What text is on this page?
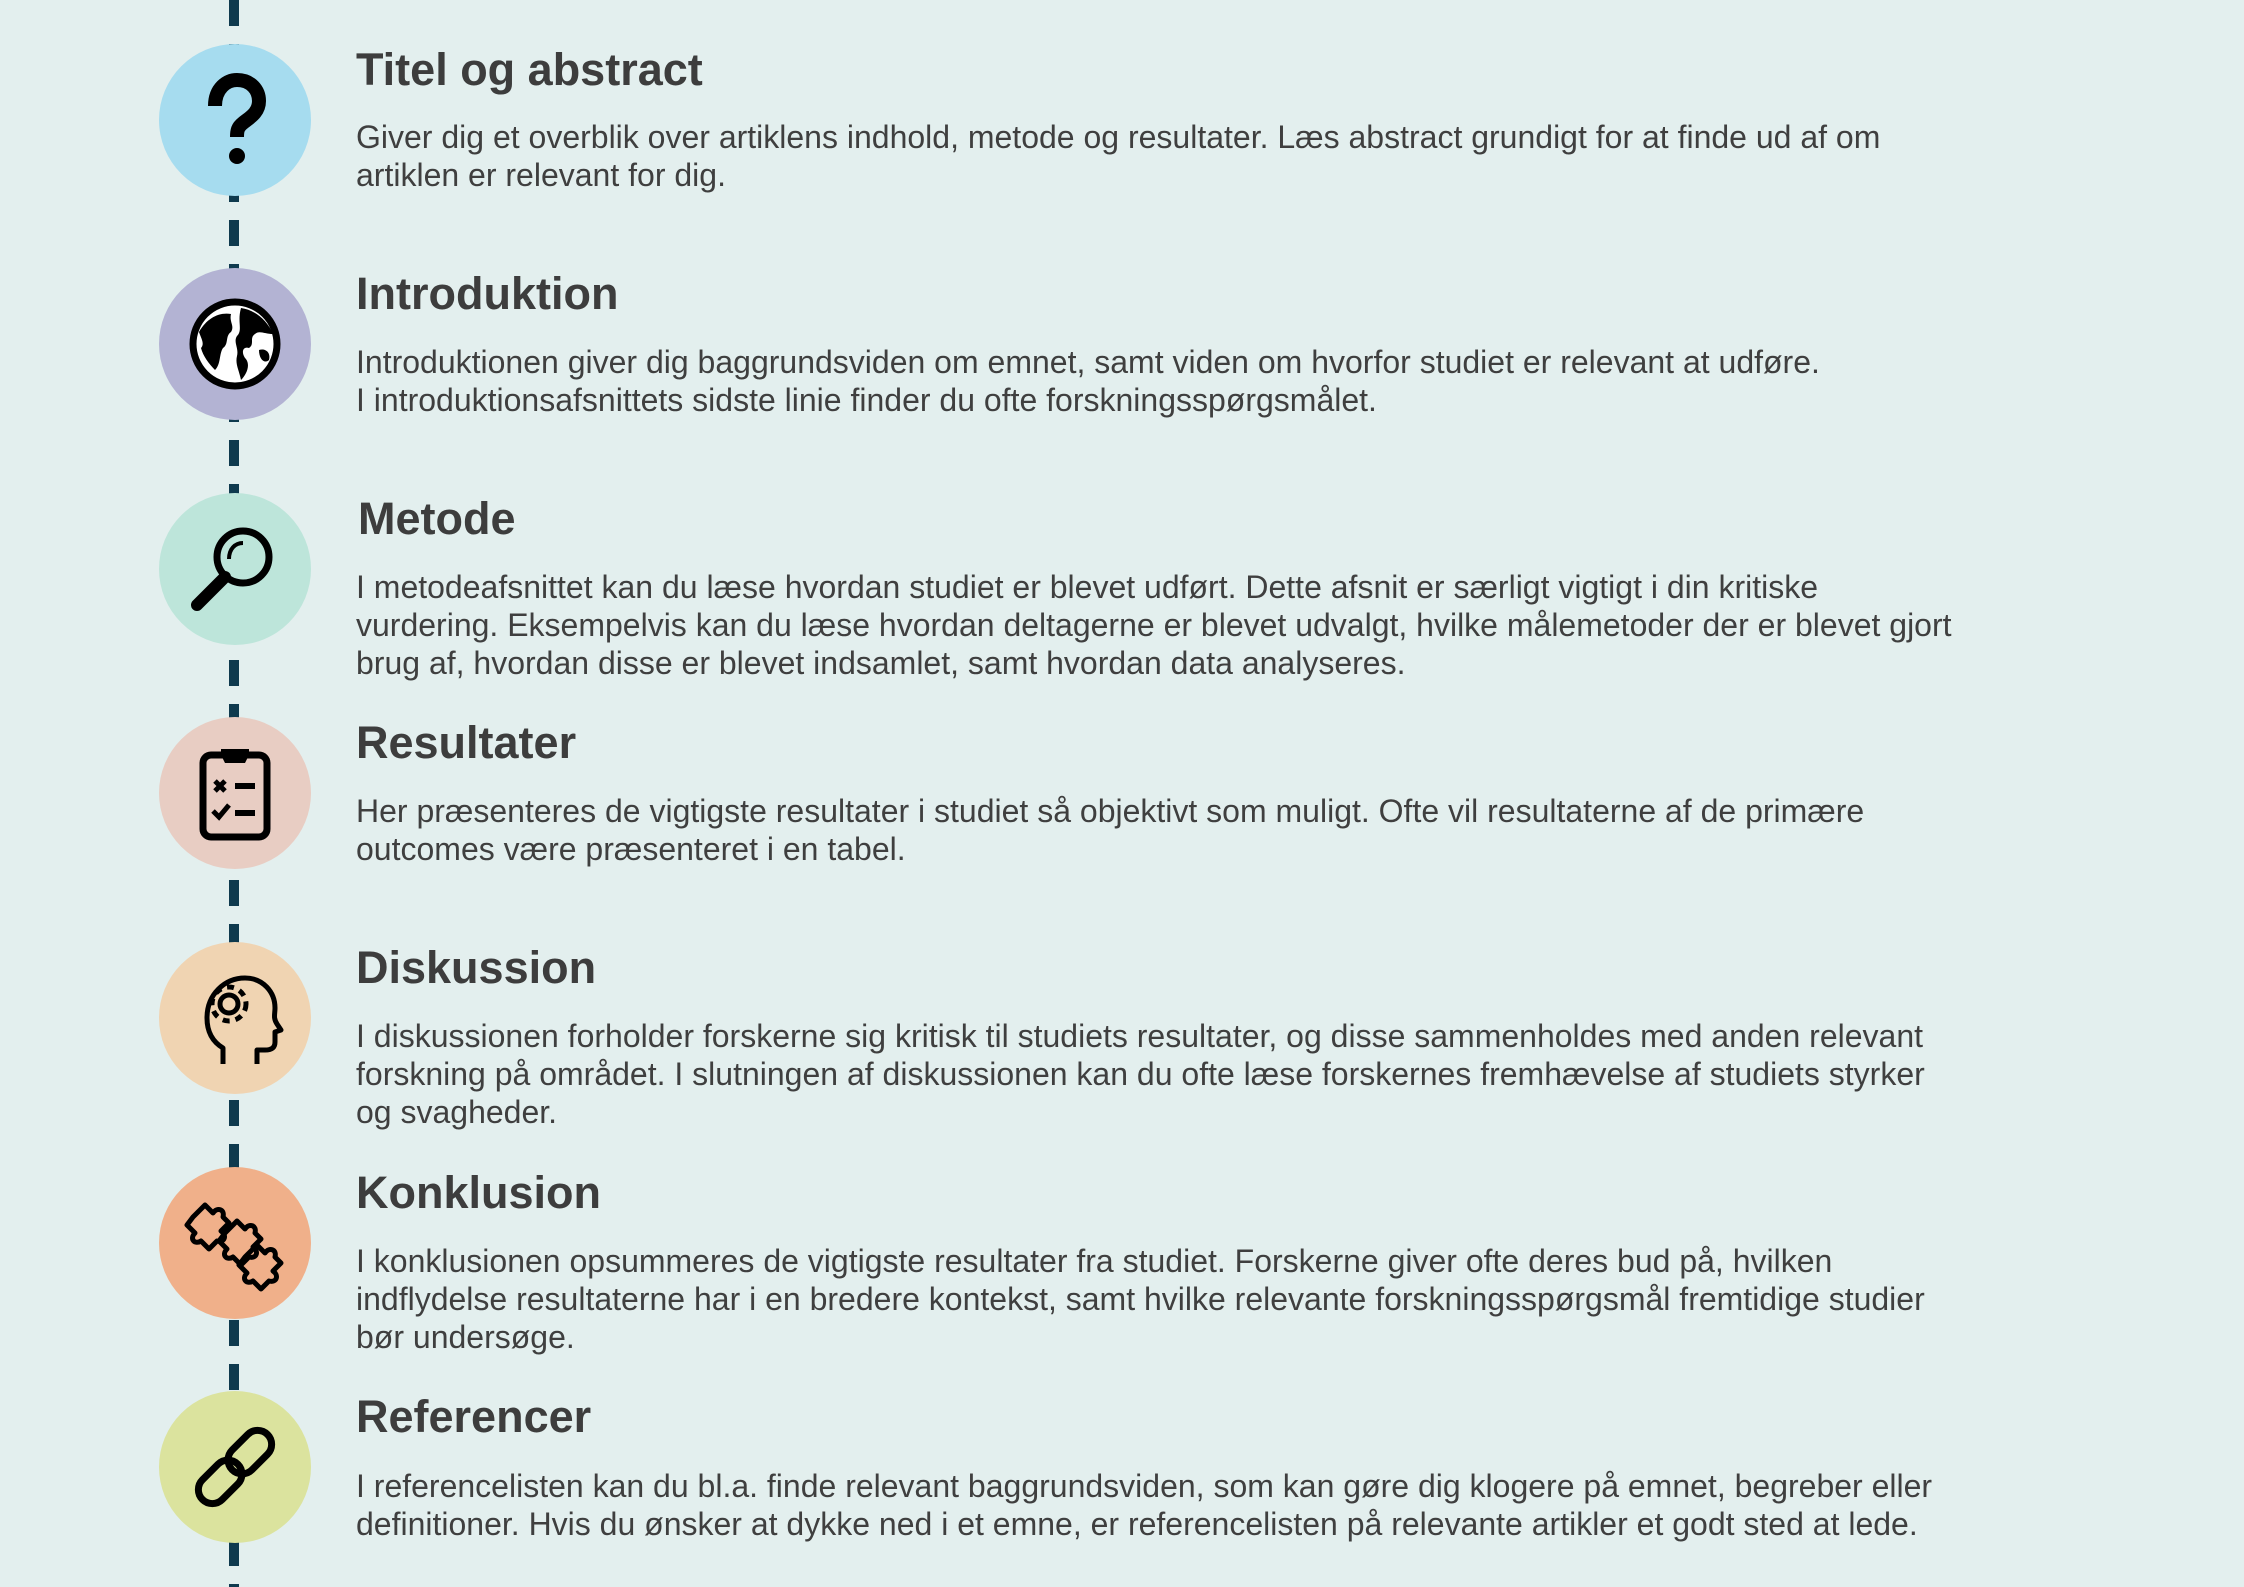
Titel og abstract
Giver dig et overblik over artiklens indhold, metode og resultater. Læs abstract grundigt for at finde ud af om
artiklen er relevant for dig.
Introduktion
Introduktionen giver dig baggrundsviden om emnet, samt viden om hvorfor studiet er relevant at udføre.
I introduktionsafsnittets sidste linie finder du ofte forskningsspørgsmålet.
Metode
I metodeafsnittet kan du læse hvordan studiet er blevet udført. Dette afsnit er særligt vigtigt i din kritiske
vurdering. Eksempelvis kan du læse hvordan deltagerne er blevet udvalgt, hvilke målemetoder der er blevet gjort
brug af, hvordan disse er blevet indsamlet, samt hvordan data analyseres.
Resultater
Her præsenteres de vigtigste resultater i studiet så objektivt som muligt. Ofte vil resultaterne af de primære
outcomes være præsenteret i en tabel.
Diskussion
I diskussionen forholder forskerne sig kritisk til studiets resultater, og disse sammenholdes med anden relevant
forskning på området. I slutningen af diskussionen kan du ofte læse forskernes fremhævelse af studiets styrker
og svagheder.
Konklusion
I konklusionen opsummeres de vigtigste resultater fra studiet. Forskerne giver ofte deres bud på, hvilken
indflydelse resultaterne har i en bredere kontekst, samt hvilke relevante forskningsspørgsmål fremtidige studier
bør undersøge.
Referencer
I referencelisten kan du bl.a. finde relevant baggrundsviden, som kan gøre dig klogere på emnet, begreber eller
definitioner. Hvis du ønsker at dykke ned i et emne, er referencelisten på relevante artikler et godt sted at lede.
